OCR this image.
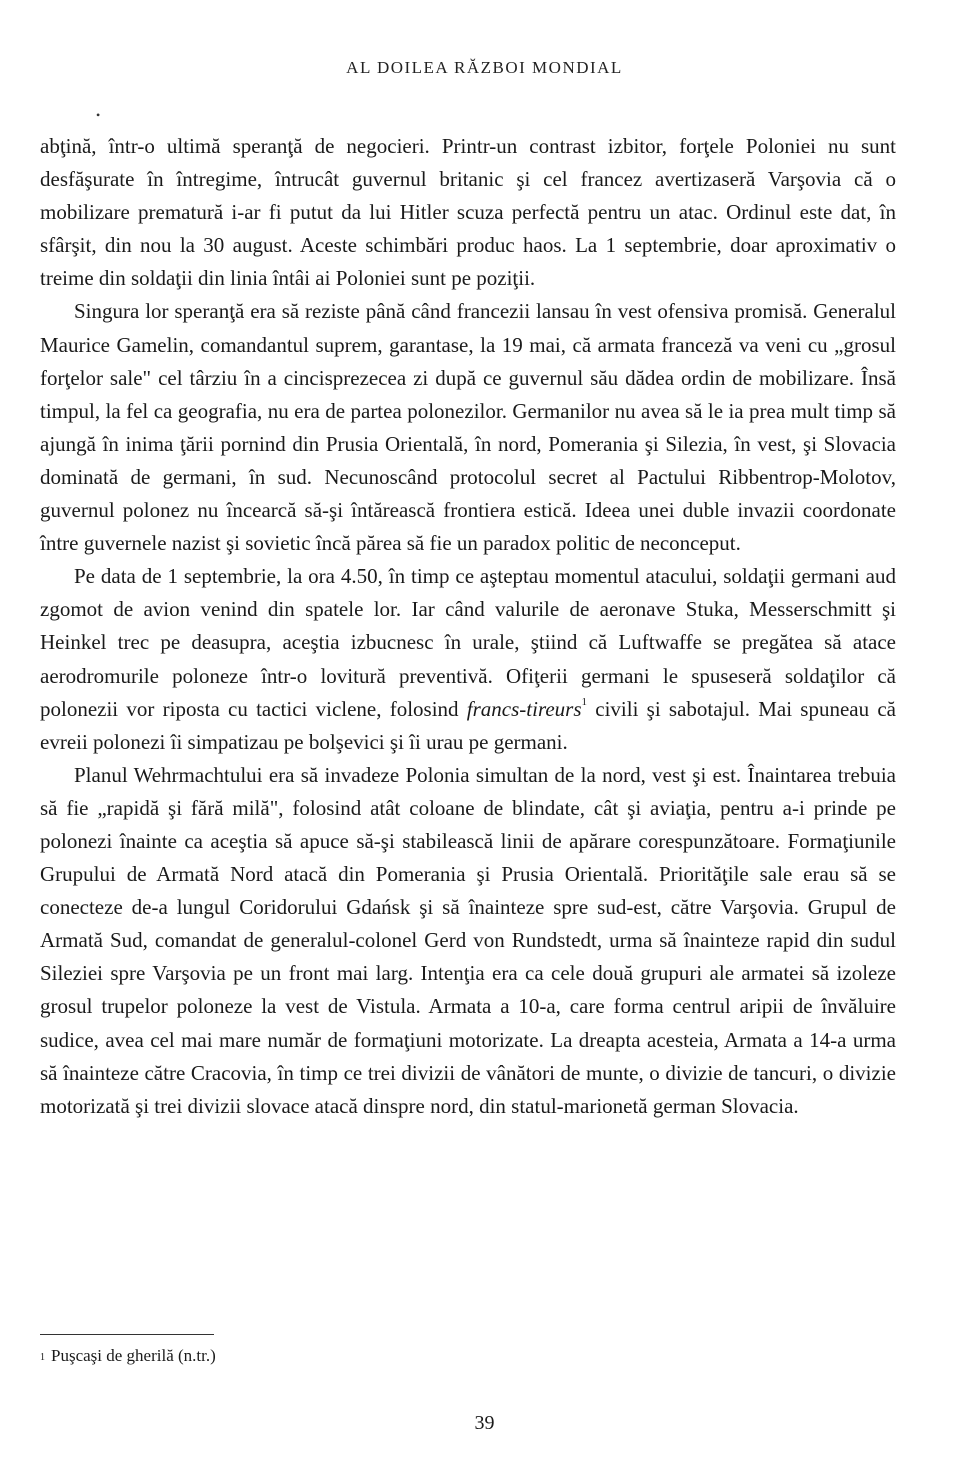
AL DOILEA RĂZBOI MONDIAL
•

abţină, într-o ultimă speranţă de negocieri. Printr-un contrast izbitor, forţele Poloniei nu sunt desfăşurate în întregime, întrucât guvernul britanic şi cel francez avertizaseră Varşovia că o mobilizare prematură i-ar fi putut da lui Hitler scuza perfectă pentru un atac. Ordinul este dat, în sfârşit, din nou la 30 august. Aceste schimbări produc haos. La 1 septembrie, doar aproximativ o treime din soldaţii din linia întâi ai Poloniei sunt pe poziţii.

Singura lor speranţă era să reziste până când francezii lansau în vest ofensiva promisă. Generalul Maurice Gamelin, comandantul suprem, garantase, la 19 mai, că armata franceză va veni cu „grosul forţelor sale" cel târziu în a cincisprezecea zi după ce guvernul său dădea ordin de mobilizare. Însă timpul, la fel ca geografia, nu era de partea polonezilor. Germanilor nu avea să le ia prea mult timp să ajungă în inima ţării pornind din Prusia Orientală, în nord, Pomerania şi Silezia, în vest, şi Slovacia dominată de germani, în sud. Necunoscând protocolul secret al Pactului Ribbentrop-Molotov, guvernul polonez nu încearcă să-şi întărească frontiera estică. Ideea unei duble invazii coordonate între guvernele nazist şi sovietic încă părea să fie un paradox politic de neconceput.

Pe data de 1 septembrie, la ora 4.50, în timp ce aşteptau momentul atacului, soldaţii germani aud zgomot de avion venind din spatele lor. Iar când valurile de aeronave Stuka, Messerschmitt şi Heinkel trec pe deasupra, aceştia izbucnesc în urale, ştiind că Luftwaffe se pregătea să atace aerodromurile poloneze într-o lovitură preventivă. Ofiţerii germani le spuseseră soldaţilor că polonezii vor riposta cu tactici viclene, folosind francs-tireurs$^1$ civili şi sabotajul. Mai spuneau că evreii polonezi îi simpatizau pe bolşevici şi îi urau pe germani.

Planul Wehrmachtului era să invadeze Polonia simultan de la nord, vest şi est. Înaintarea trebuia să fie „rapidă şi fără milă", folosind atât coloane de blindate, cât şi aviaţia, pentru a-i prinde pe polonezi înainte ca aceştia să apuce să-şi stabilească linii de apărare corespunzătoare. Formaţiunile Grupului de Armată Nord atacă din Pomerania şi Prusia Orientală. Priorităţile sale erau să se conecteze de-a lungul Coridorului Gdańsk şi să înainteze spre sud-est, către Varşovia. Grupul de Armată Sud, comandat de generalul-colonel Gerd von Rundstedt, urma să înainteze rapid din sudul Sileziei spre Varşovia pe un front mai larg. Intenţia era ca cele două grupuri ale armatei să izoleze grosul trupelor poloneze la vest de Vistula. Armata a 10-a, care forma centrul aripii de învăluire sudice, avea cel mai mare număr de formaţiuni motorizate. La dreapta acesteia, Armata a 14-a urma să înainteze către Cracovia, în timp ce trei divizii de vânători de munte, o divizie de tancuri, o divizie motorizată şi trei divizii slovace atacă dinspre nord, din statul-marionetă german Slovacia.

$^1$ Puşcaşi de gherilă (n.tr.)
39
